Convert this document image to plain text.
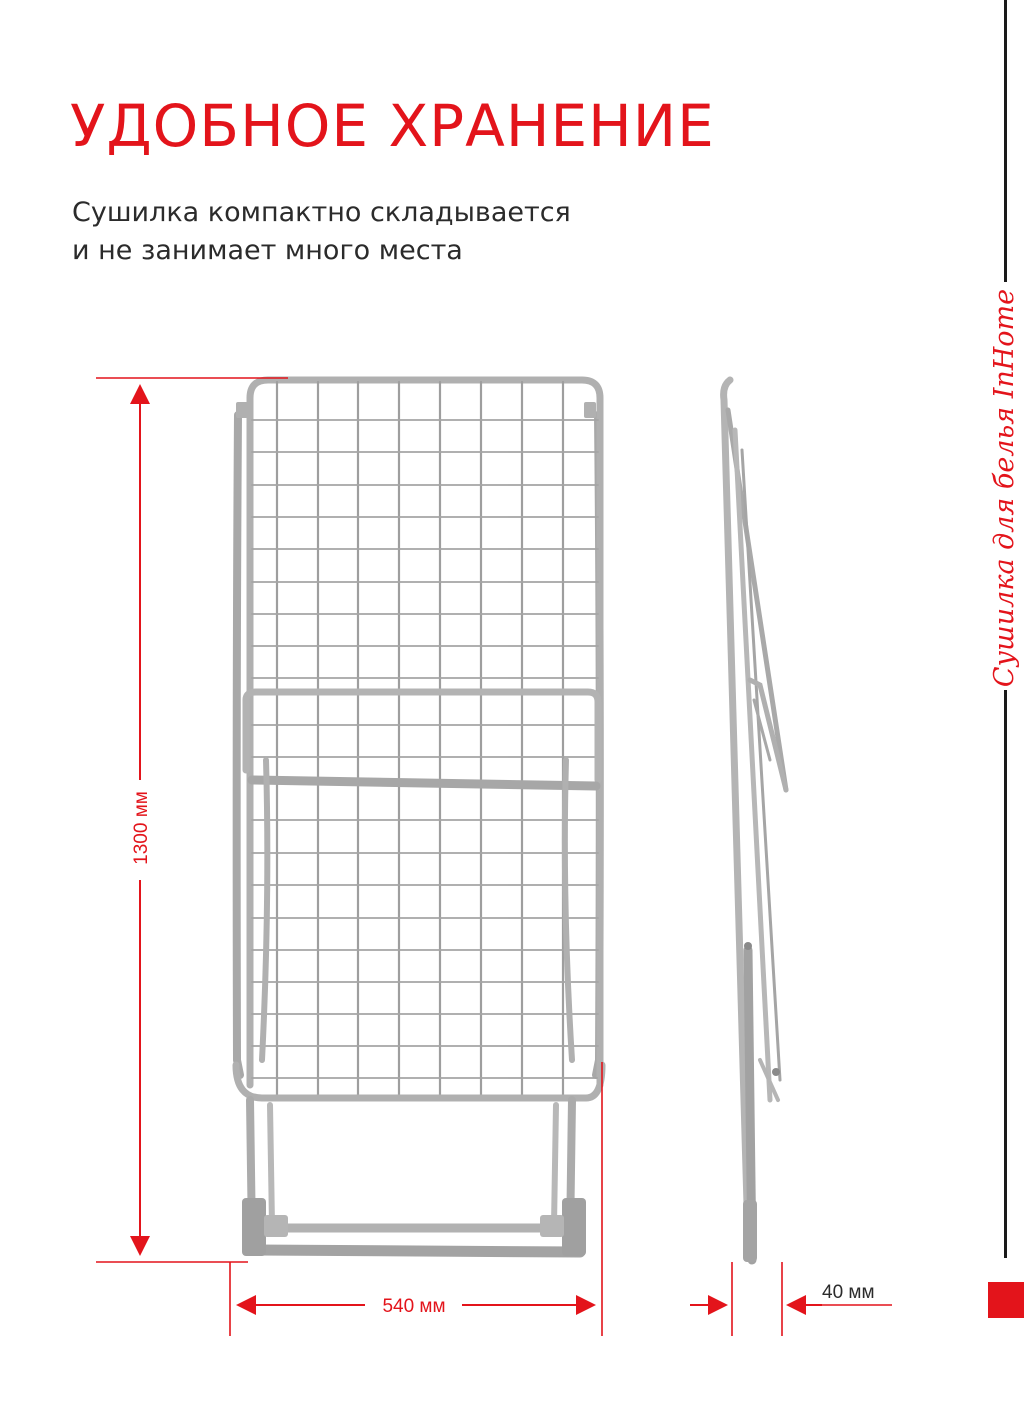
УДОБНОЕ ХРАНЕНИЕ

Сушилка компактно складывается
и не занимает много места

Сушилка для белья InHome
1300 мм
540 мм
40 мм
